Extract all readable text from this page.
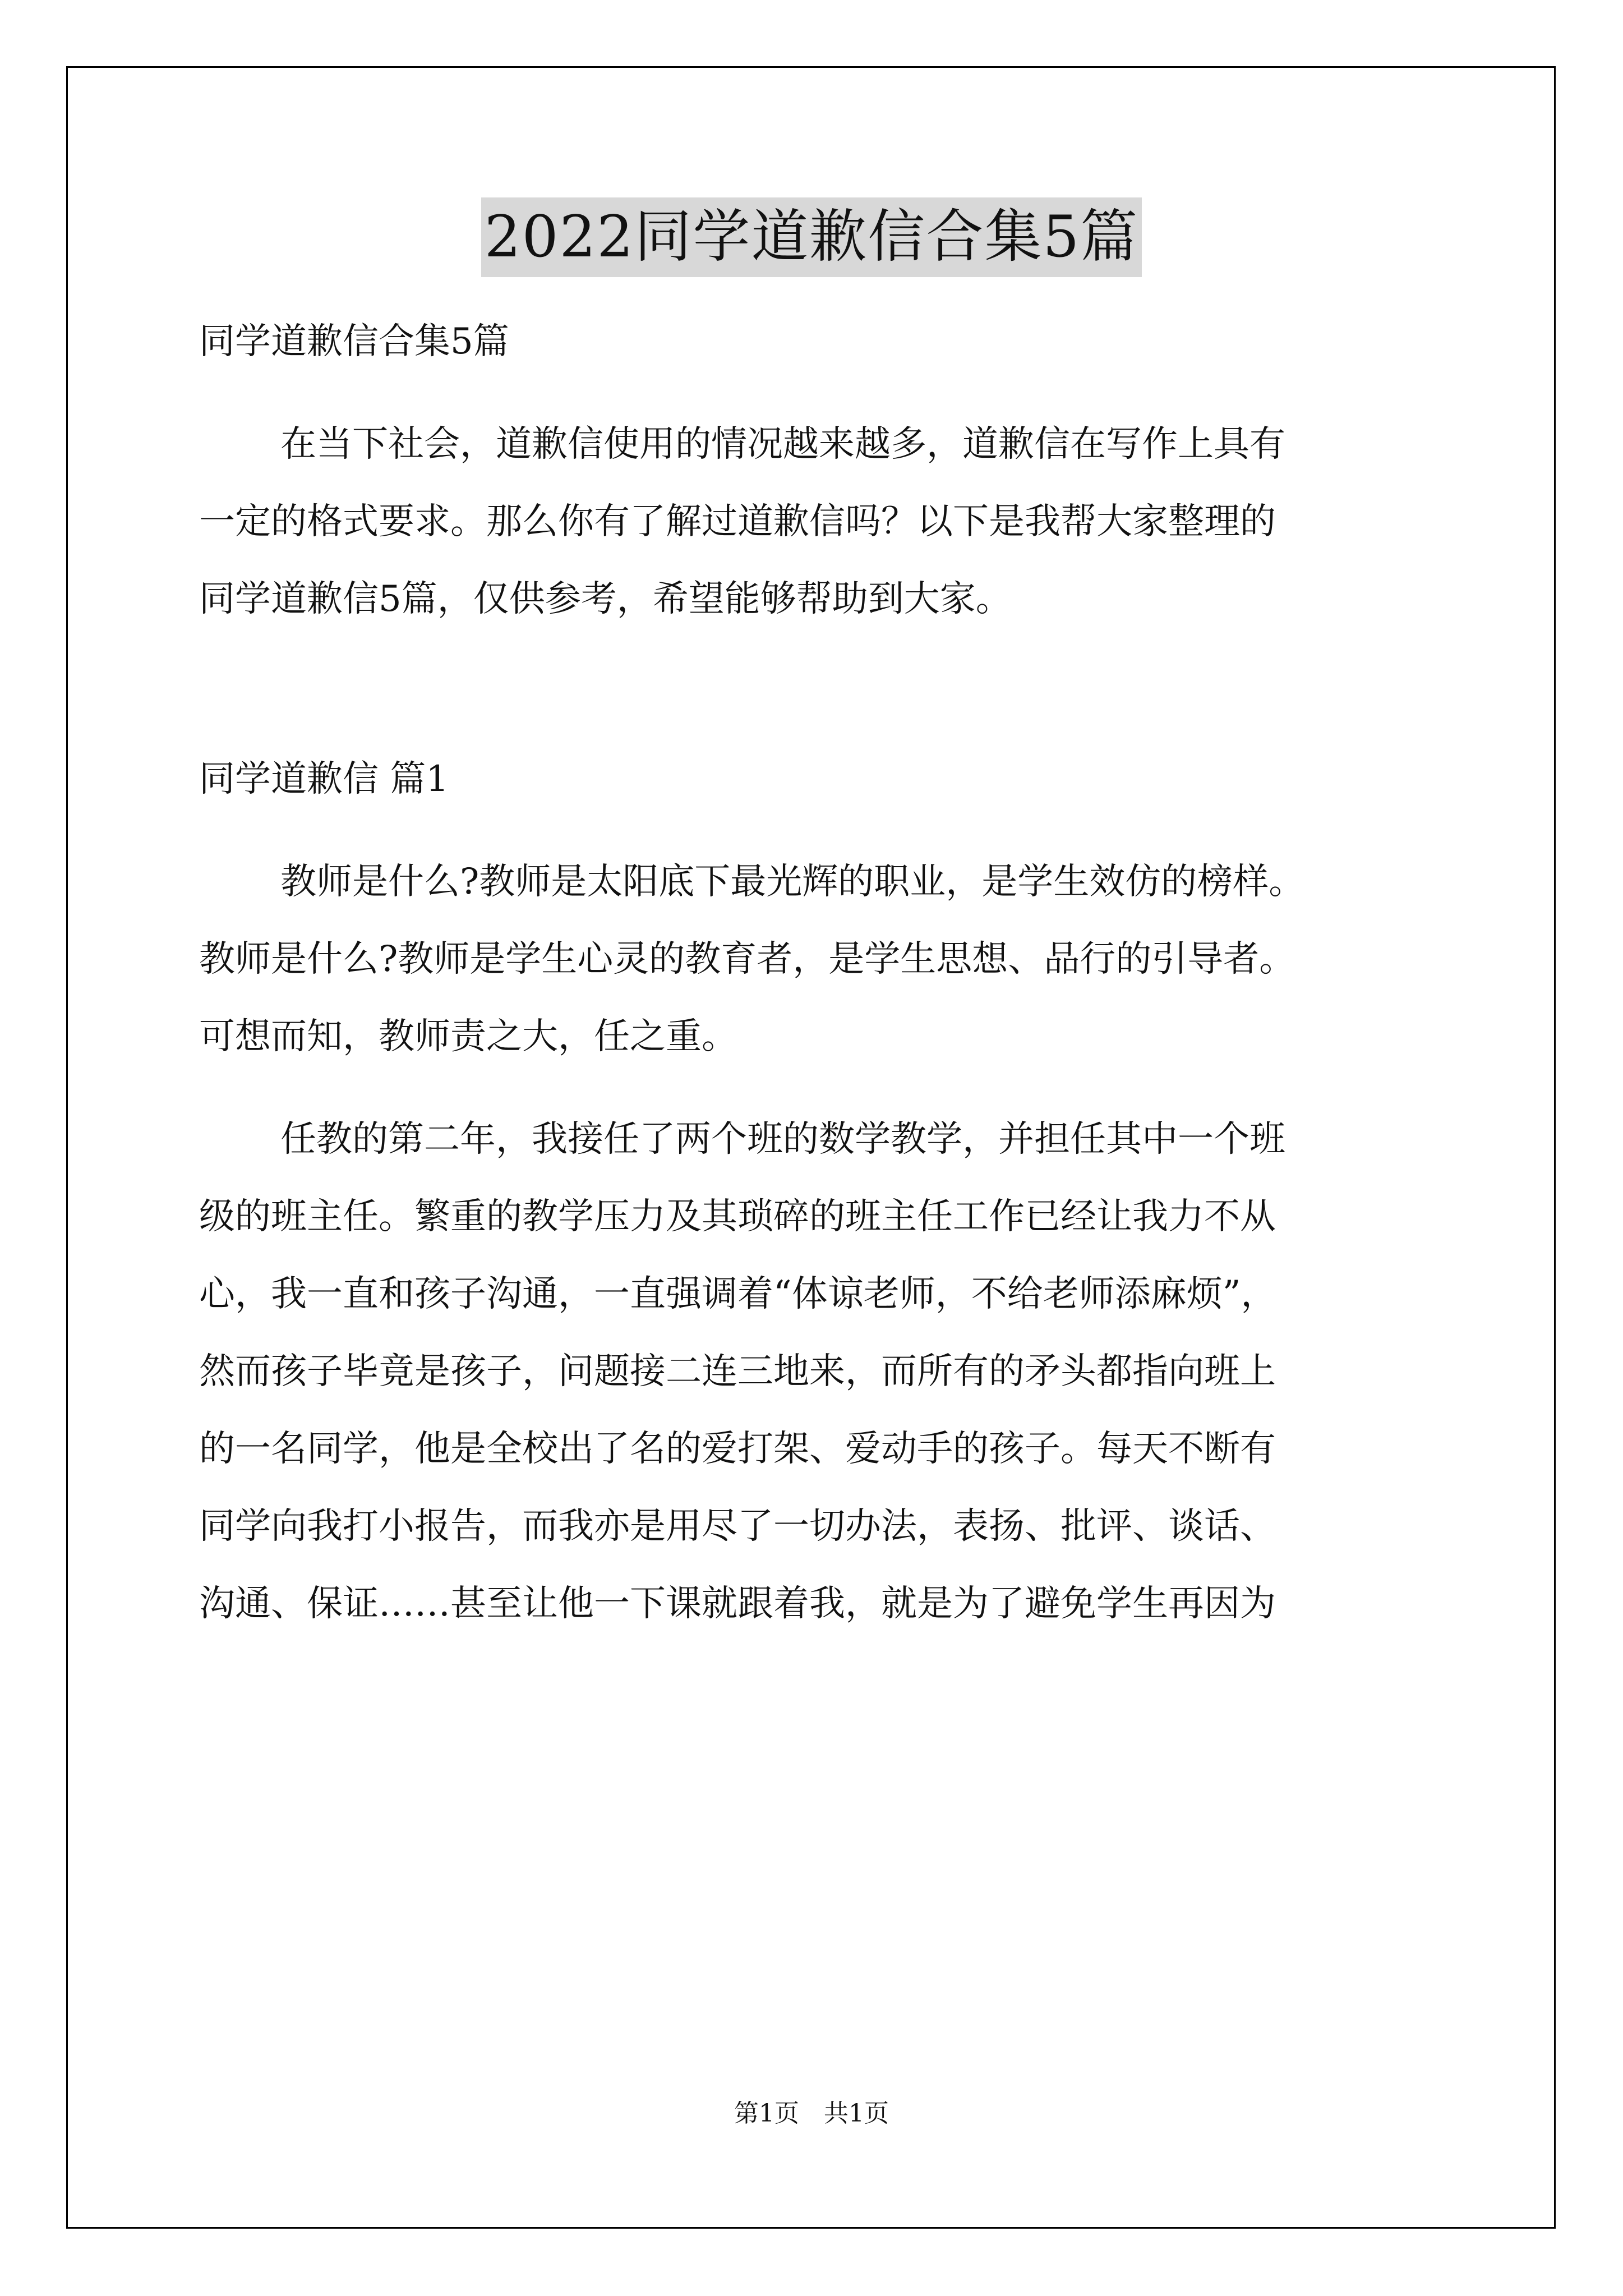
2022同学道歉信合集5篇
同学道歉信合集5篇
在当下社会，道歉信使用的情况越来越多，道歉信在写作上具有
一定的格式要求。那么你有了解过道歉信吗？以下是我帮大家整理的
同学道歉信5篇，仅供参考，希望能够帮助到大家。
同学道歉信 篇1
教师是什么?教师是太阳底下最光辉的职业，是学生效仿的榜样。
教师是什么?教师是学生心灵的教育者，是学生思想、品行的引导者。
可想而知，教师责之大，任之重。
任教的第二年，我接任了两个班的数学教学，并担任其中一个班
级的班主任。繁重的教学压力及其琐碎的班主任工作已经让我力不从
心，我一直和孩子沟通，一直强调着“体谅老师，不给老师添麻烦”，
然而孩子毕竟是孩子，问题接二连三地来，而所有的矛头都指向班上
的一名同学，他是全校出了名的爱打架、爱动手的孩子。每天不断有
同学向我打小报告，而我亦是用尽了一切办法，表扬、批评、谈话、
沟通、保证……甚至让他一下课就跟着我，就是为了避免学生再因为
第1页　共1页
